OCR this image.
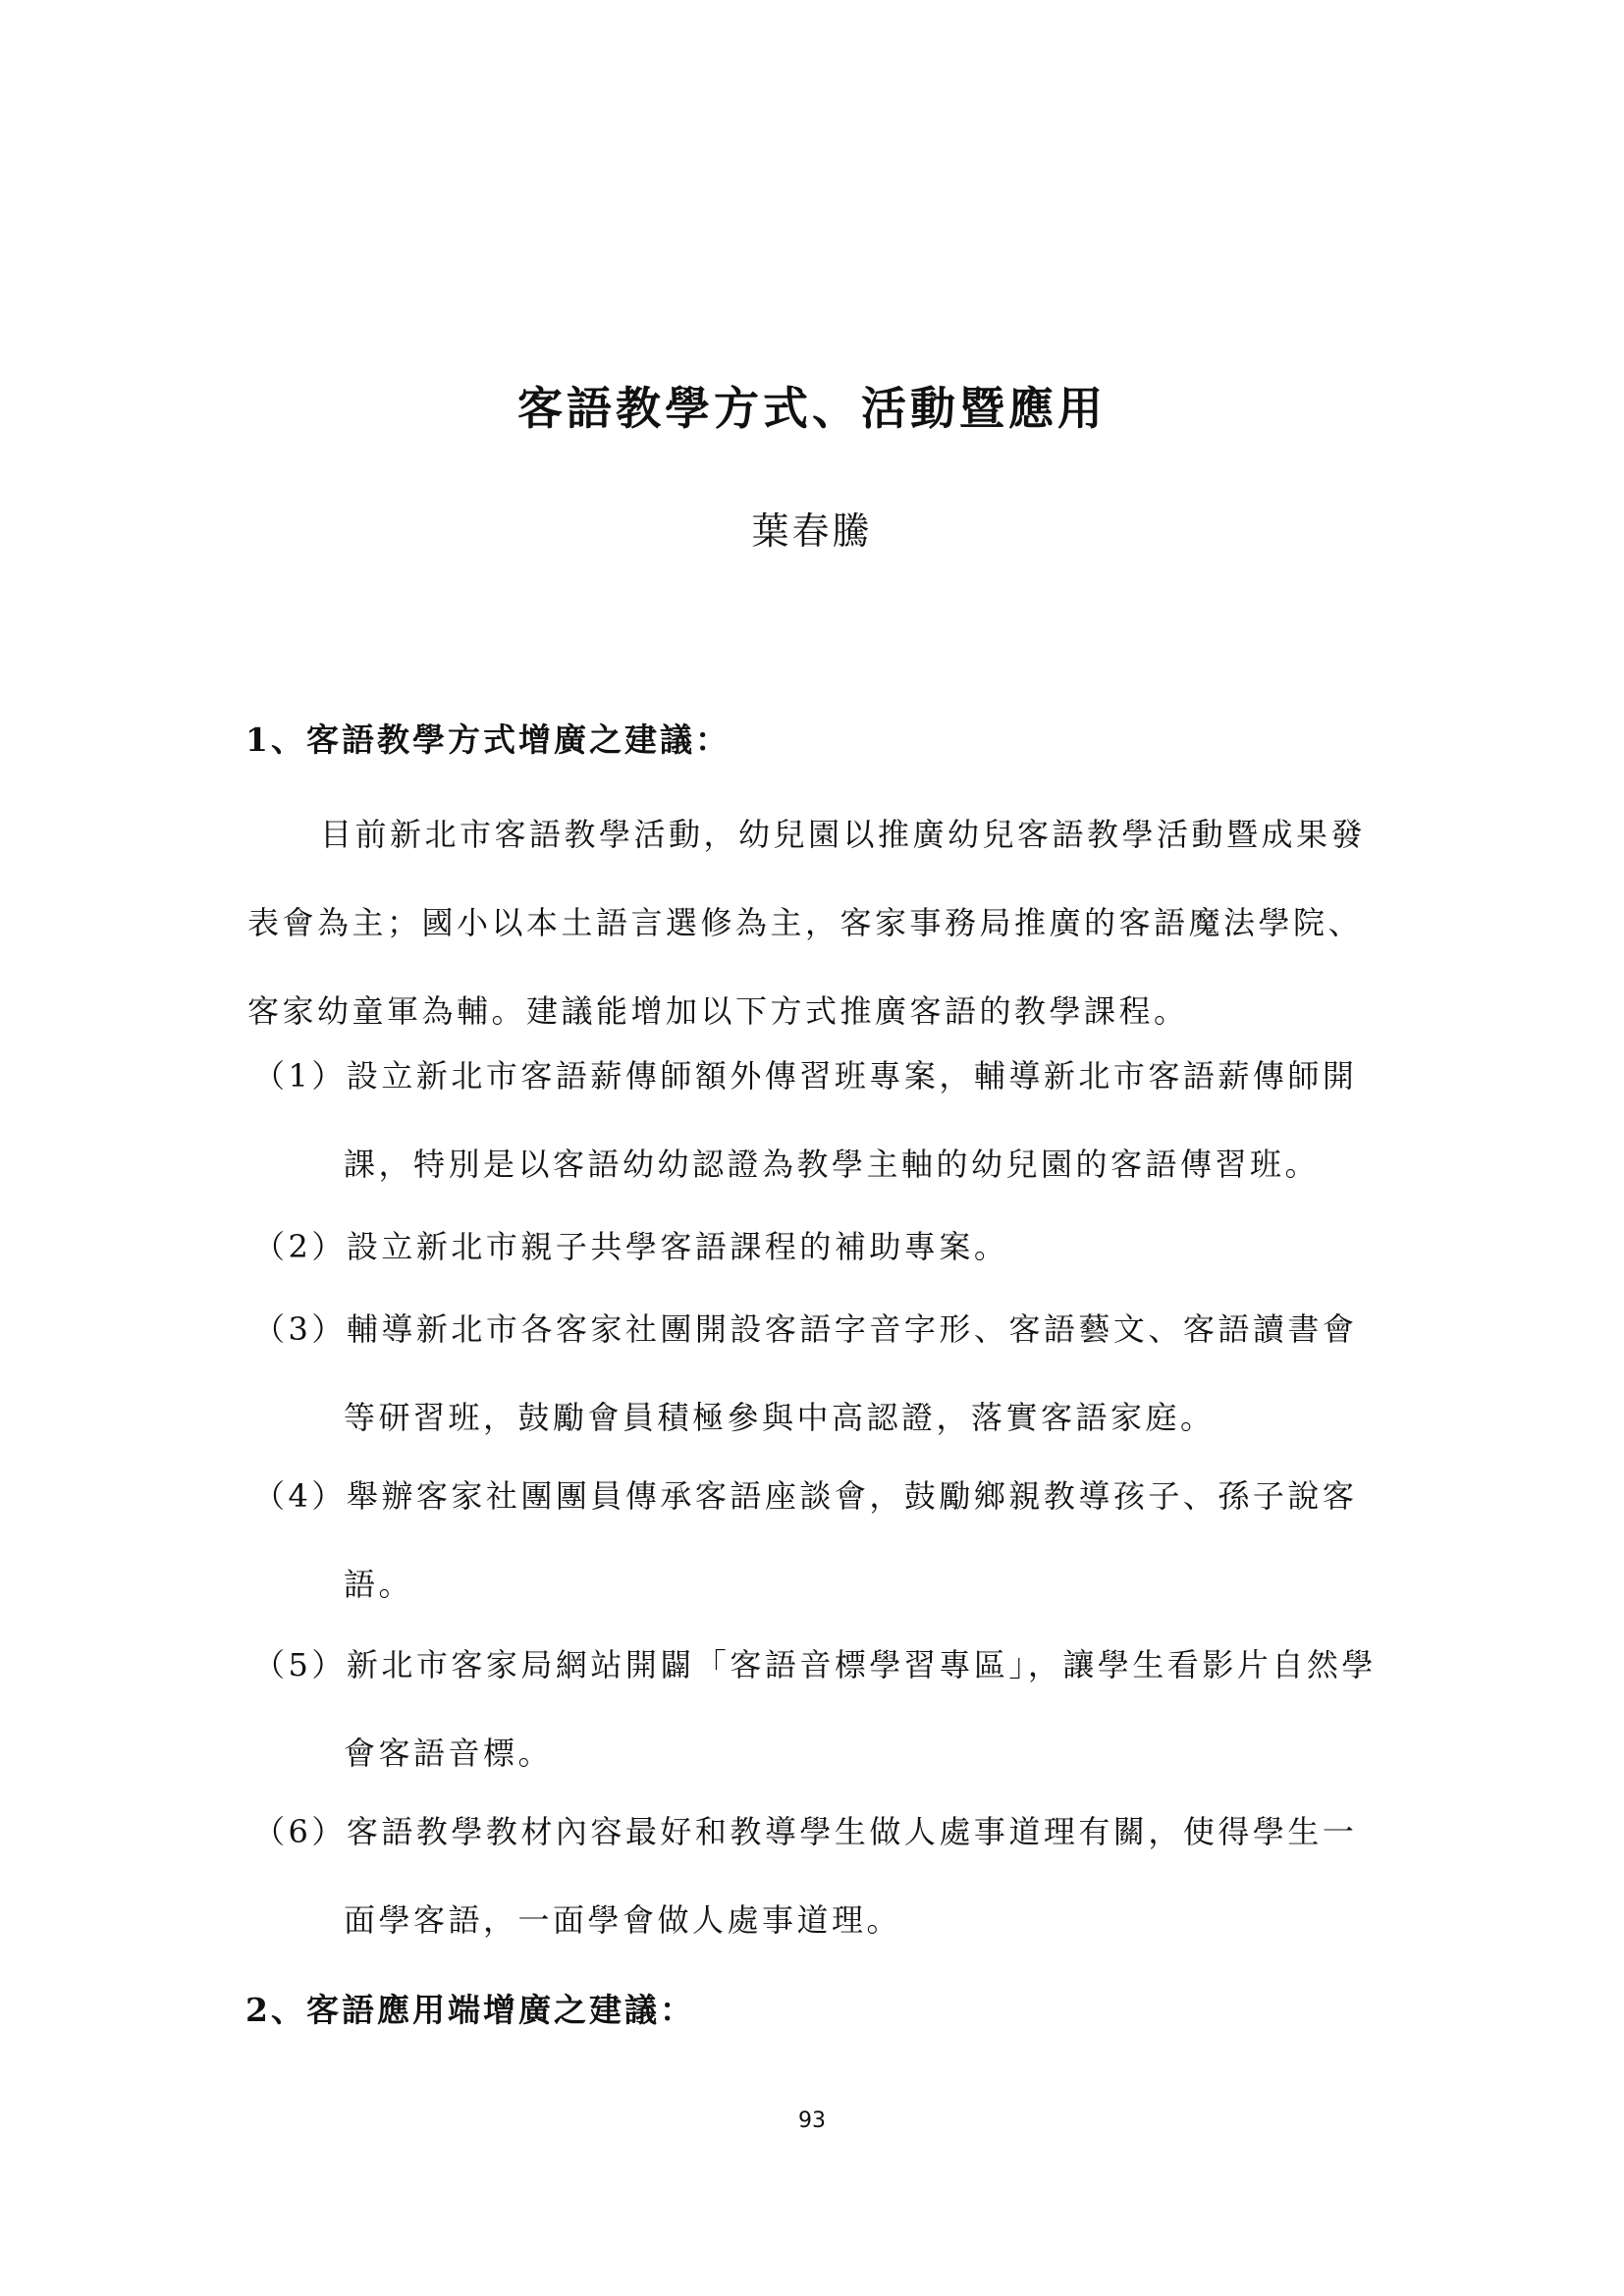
客語教學方式、活動暨應用
葉春騰
1、客語教學方式增廣之建議：
目前新北市客語教學活動，幼兒園以推廣幼兒客語教學活動暨成果發
表會為主；國小以本土語言選修為主，客家事務局推廣的客語魔法學院、
客家幼童軍為輔。建議能增加以下方式推廣客語的教學課程。
（1）設立新北市客語薪傳師額外傳習班專案，輔導新北市客語薪傳師開
課，特別是以客語幼幼認證為教學主軸的幼兒園的客語傳習班。
（2）設立新北市親子共學客語課程的補助專案。
（3）輔導新北市各客家社團開設客語字音字形、客語藝文、客語讀書會
等研習班，鼓勵會員積極參與中高認證，落實客語家庭。
（4）舉辦客家社團團員傳承客語座談會，鼓勵鄉親教導孩子、孫子說客
語。
（5）新北市客家局網站開闢「客語音標學習專區」，讓學生看影片自然學
會客語音標。
（6）客語教學教材內容最好和教導學生做人處事道理有關，使得學生一
面學客語，一面學會做人處事道理。
2、客語應用端增廣之建議：
93
